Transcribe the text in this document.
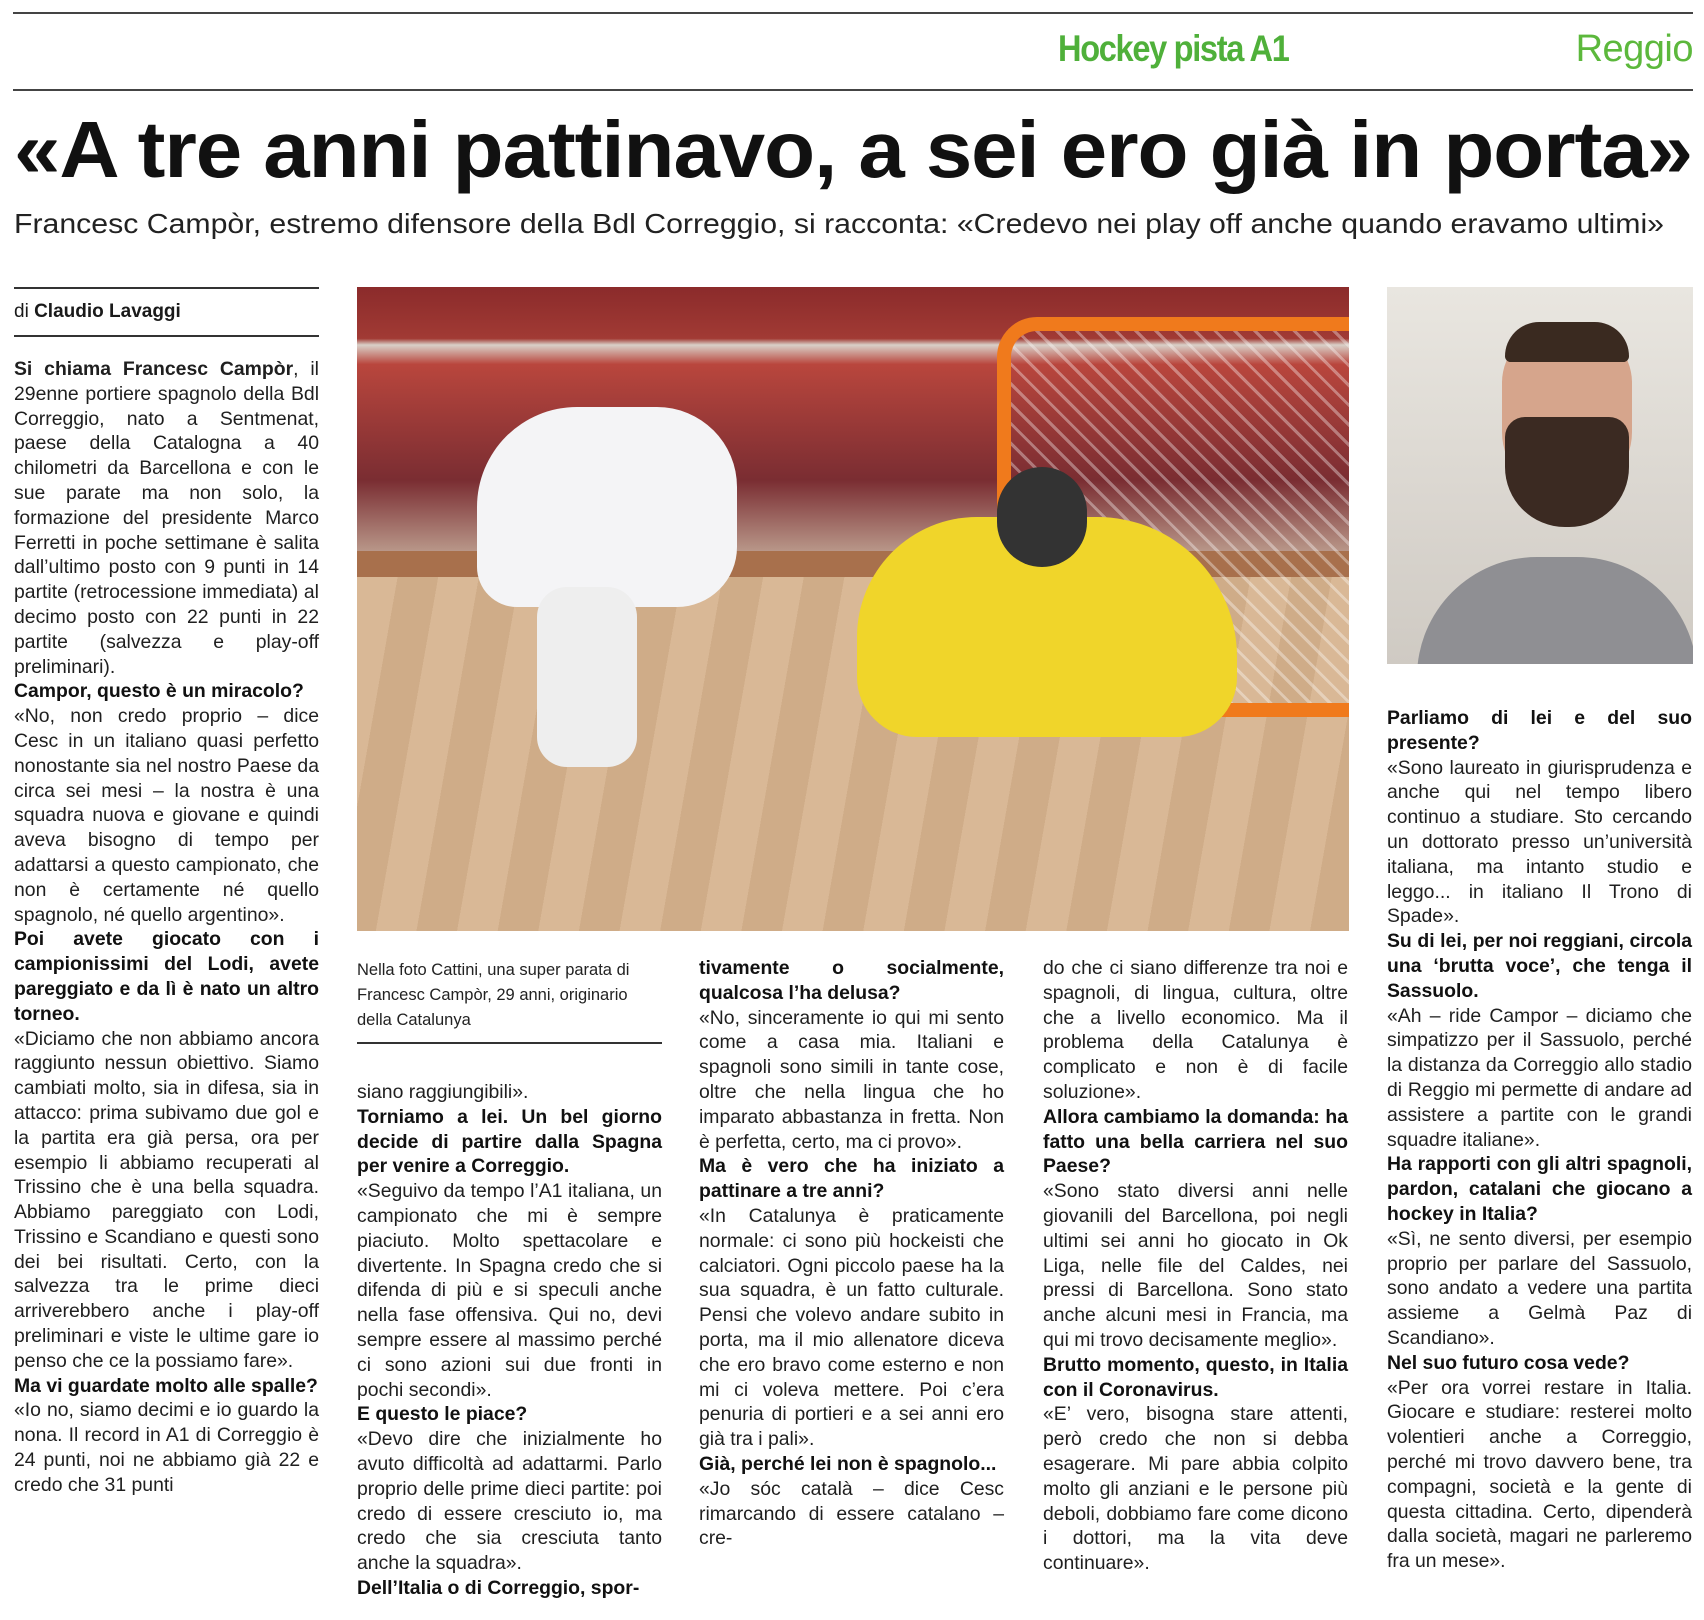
Hockey pista A1	Reggio
«A tre anni pattinavo, a sei ero già in porta»
Francesc Campòr, estremo difensore della Bdl Correggio, si racconta: «Credevo nei play off anche quando eravamo ultimi»
di Claudio Lavaggi
Nella foto Cattini, una super parata di Francesc Campòr, 29 anni, originario della Catalunya

Si chiama Francesc Campòr, il 29enne portiere spagnolo della Bdl Correggio, nato a Sentmenat, paese della Catalogna a 40 chilometri da Barcellona e con le sue parate ma non solo, la formazione del presidente Marco Ferretti in poche settimane è salita dall’ultimo posto con 9 punti in 14 partite (retrocessione immediata) al decimo posto con 22 punti in 22 partite (salvezza e play-off preliminari).

Campor, questo è un miracolo?

«No, non credo proprio – dice Cesc in un italiano quasi perfetto nonostante sia nel nostro Paese da circa sei mesi – la nostra è una squadra nuova e giovane e quindi aveva bisogno di tempo per adattarsi a questo campionato, che non è certamente né quello spagnolo, né quello argentino».

Poi avete giocato con i campionissimi del Lodi, avete pareggiato e da lì è nato un altro torneo.

«Diciamo che non abbiamo ancora raggiunto nessun obiettivo. Siamo cambiati molto, sia in difesa, sia in attacco: prima subivamo due gol e la partita era già persa, ora per esempio li abbiamo recuperati al Trissino che è una bella squadra. Abbiamo pareggiato con Lodi, Trissino e Scandiano e questi sono dei bei risultati. Certo, con la salvezza tra le prime dieci arriverebbero anche i play-off preliminari e viste le ultime gare io penso che ce la possiamo fare».

Ma vi guardate molto alle spalle?

«Io no, siamo decimi e io guardo la nona. Il record in A1 di Correggio è 24 punti, noi ne abbiamo già 22 e credo che 31 punti

siano raggiungibili».

Torniamo a lei. Un bel giorno decide di partire dalla Spagna per venire a Correggio.

«Seguivo da tempo l’A1 italiana, un campionato che mi è sempre piaciuto. Molto spettacolare e divertente. In Spagna credo che si difenda di più e si speculi anche nella fase offensiva. Qui no, devi sempre essere al massimo perché ci sono azioni sui due fronti in pochi secondi».

E questo le piace?

«Devo dire che inizialmente ho avuto difficoltà ad adattarmi. Parlo proprio delle prime dieci partite: poi credo di essere cresciuto io, ma credo che sia cresciuta tanto anche la squadra».

Dell’Italia o di Correggio, spor-

tivamente o socialmente, qualcosa l’ha delusa?

«No, sinceramente io qui mi sento come a casa mia. Italiani e spagnoli sono simili in tante cose, oltre che nella lingua che ho imparato abbastanza in fretta. Non è perfetta, certo, ma ci provo».

Ma è vero che ha iniziato a pattinare a tre anni?

«In Catalunya è praticamente normale: ci sono più hockeisti che calciatori. Ogni piccolo paese ha la sua squadra, è un fatto culturale. Pensi che volevo andare subito in porta, ma il mio allenatore diceva che ero bravo come esterno e non mi ci voleva mettere. Poi c’era penuria di portieri e a sei anni ero già tra i pali».

Già, perché lei non è spagnolo...

«Jo sóc català – dice Cesc rimarcando di essere catalano – cre-

do che ci siano differenze tra noi e spagnoli, di lingua, cultura, oltre che a livello economico. Ma il problema della Catalunya è complicato e non è di facile soluzione».

Allora cambiamo la domanda: ha fatto una bella carriera nel suo Paese?

«Sono stato diversi anni nelle giovanili del Barcellona, poi negli ultimi sei anni ho giocato in Ok Liga, nelle file del Caldes, nei pressi di Barcellona. Sono stato anche alcuni mesi in Francia, ma qui mi trovo decisamente meglio».

Brutto momento, questo, in Italia con il Coronavirus.

«E’ vero, bisogna stare attenti, però credo che non si debba esagerare. Mi pare abbia colpito molto gli anziani e le persone più deboli, dobbiamo fare come dicono i dottori, ma la vita deve continuare».

Parliamo di lei e del suo presente?

«Sono laureato in giurisprudenza e anche qui nel tempo libero continuo a studiare. Sto cercando un dottorato presso un’università italiana, ma intanto studio e leggo... in italiano Il Trono di Spade».

Su di lei, per noi reggiani, circola una ‘brutta voce’, che tenga il Sassuolo.

«Ah – ride Campor – diciamo che simpatizzo per il Sassuolo, perché la distanza da Correggio allo stadio di Reggio mi permette di andare ad assistere a partite con le grandi squadre italiane».

Ha rapporti con gli altri spagnoli, pardon, catalani che giocano a hockey in Italia?

«Sì, ne sento diversi, per esempio proprio per parlare del Sassuolo, sono andato a vedere una partita assieme a Gelmà Paz di Scandiano».

Nel suo futuro cosa vede?

«Per ora vorrei restare in Italia. Giocare e studiare: resterei molto volentieri anche a Correggio, perché mi trovo davvero bene, tra compagni, società e la gente di questa cittadina. Certo, dipenderà dalla società, magari ne parleremo fra un mese».
